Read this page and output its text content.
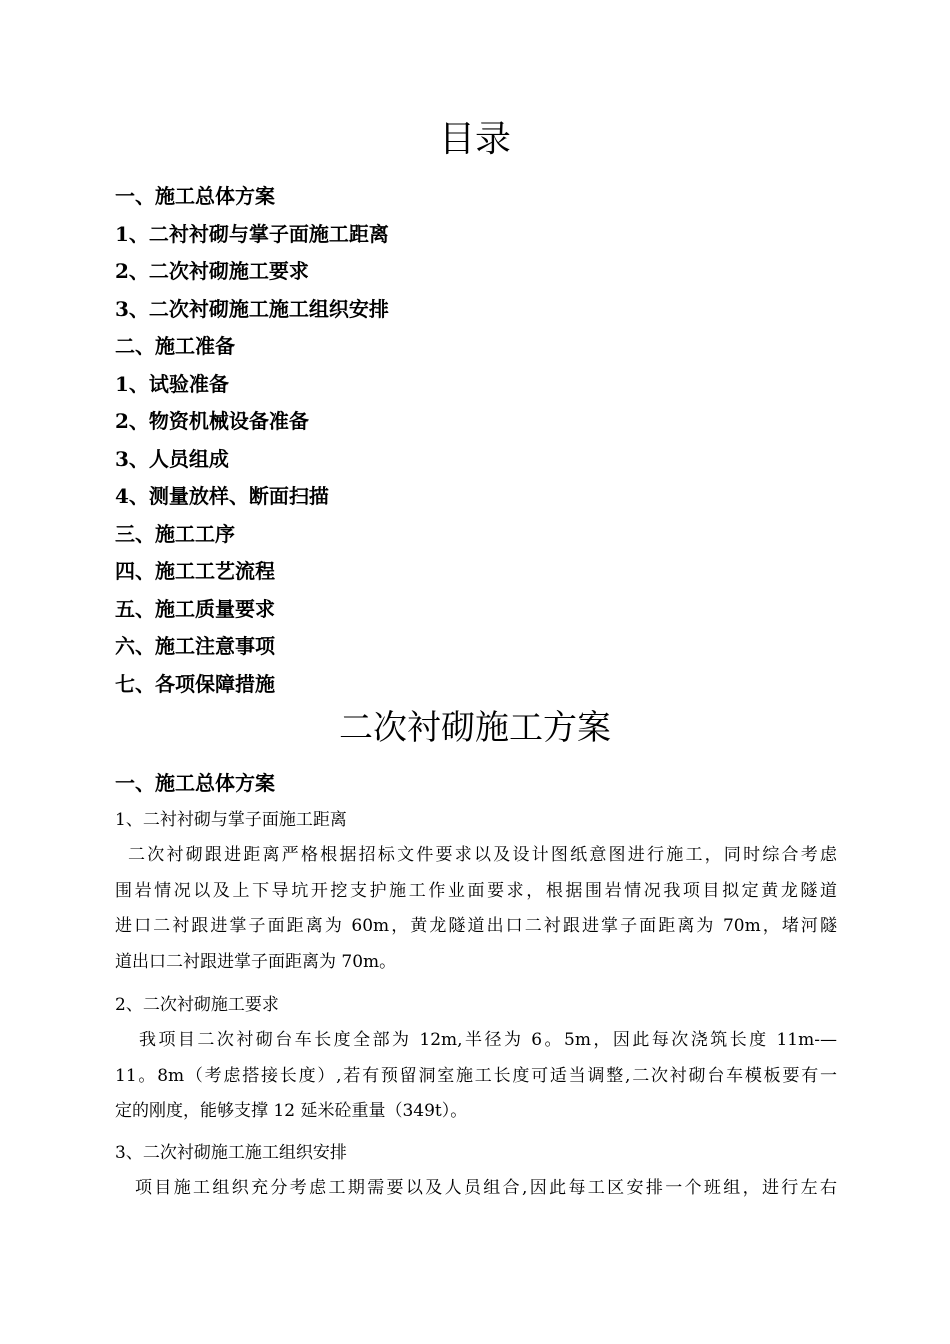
目录
一、施工总体方案
1、二衬衬砌与掌子面施工距离
2、二次衬砌施工要求
3、二次衬砌施工施工组织安排
二、施工准备
1、试验准备
2、物资机械设备准备
3、人员组成
4、测量放样、断面扫描
三、施工工序
四、施工工艺流程
五、施工质量要求
六、施工注意事项
七、各项保障措施
二次衬砌施工方案
一、施工总体方案
1、二衬衬砌与掌子面施工距离

二次衬砌跟进距离严格根据招标文件要求以及设计图纸意图进行施工，同时综合考虑
围岩情况以及上下导坑开挖支护施工作业面要求，根据围岩情况我项目拟定黄龙隧道
进口二衬跟进掌子面距离为 60m，黄龙隧道出口二衬跟进掌子面距离为 70m，堵河隧
道出口二衬跟进掌子面距离为 70m。

2、二次衬砌施工要求

我项目二次衬砌台车长度全部为 12m,半径为 6。5m，因此每次浇筑长度 11m-—
11。8m（考虑搭接长度）,若有预留洞室施工长度可适当调整,二次衬砌台车模板要有一
定的刚度，能够支撑 12 延米砼重量（349t）。

3、二次衬砌施工施工组织安排

项目施工组织充分考虑工期需要以及人员组合,因此每工区安排一个班组，进行左右
